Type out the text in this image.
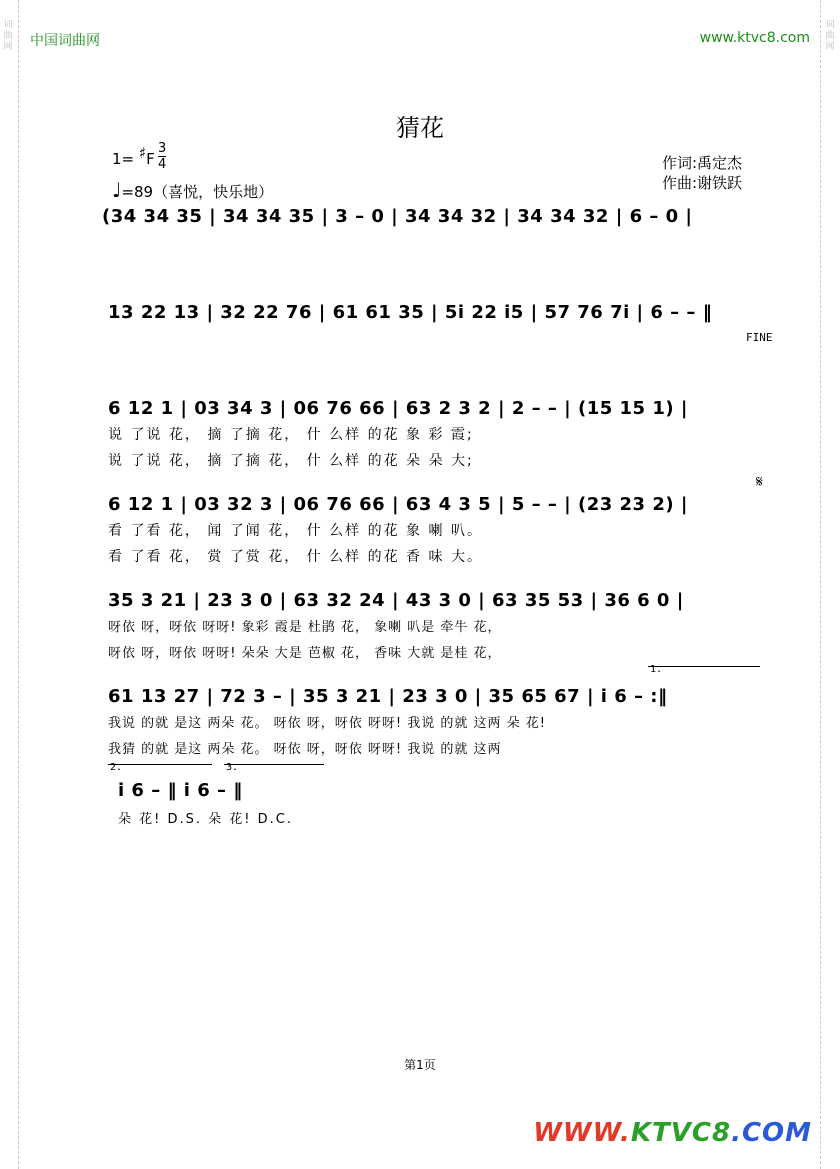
词
曲
网
词
曲
网
中国词曲网	www.ktvc8.com
猜花
1= ♯F
3
4
♩=89（喜悦，快乐地）
作词:禹定杰
作曲:谢铁跃
(34 34 35 | 34 34 35 | 3 – 0 | 34 34 32 | 34 34 32 | 6 – 0 |
13 22 13 | 32 22 76 | 61 61 35 | 5i 22 i5 | 57 76 7i | 6 – – ‖
FINE
6 12 1 | 03 34 3 | 06 76 66 | 63 2 3 2 | 2 – – | (15 15 1) |
说 了说 花， 摘 了摘 花， 什 么样 的花 象 彩 霞;
说 了说 花， 摘 了摘 花， 什 么样 的花 朵 朵 大;
6 12 1 | 03 32 3 | 06 76 66 | 63 4 3 5 | 5 – – | (23 23 2) |
看 了看 花， 闻 了闻 花， 什 么样 的花 象 喇 叭。
看 了看 花， 赏 了赏 花， 什 么样 的花 香 味 大。
𝄋
35 3 21 | 23 3 0 | 63 32 24 | 43 3 0 | 63 35 53 | 36 6 0 |
呀依 呀，呀依 呀呀! 象彩 霞是 杜鹃 花， 象喇 叭是 牵牛 花，
呀依 呀，呀依 呀呀! 朵朵 大是 芭椒 花， 香味 大就 是桂 花，
1.
61 13 27 | 72 3 – | 35 3 21 | 23 3 0 | 35 65 67 | i 6 – :‖
我说 的就 是这 两朵 花。 呀依 呀，呀依 呀呀! 我说 的就 这两 朵 花!
我猜 的就 是这 两朵 花。 呀依 呀，呀依 呀呀! 我说 的就 这两
2.	3.
i 6 – ‖ i 6 – ‖
朵 花! D.S. 朵 花! D.C.
第1页
WWW.KTVC8.COM
